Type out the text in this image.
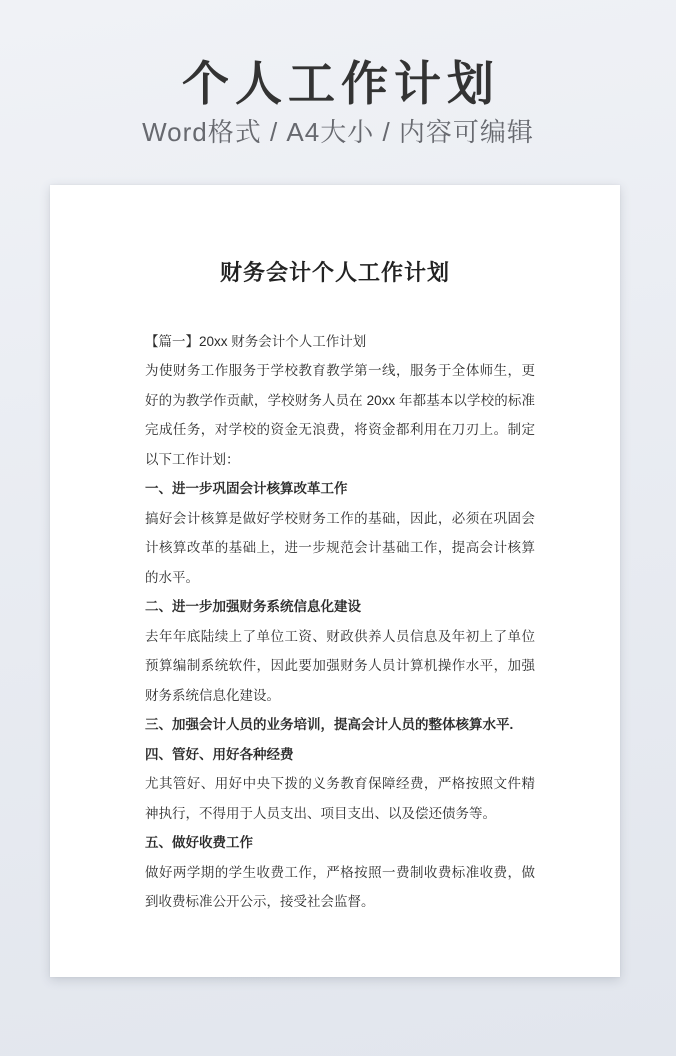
个人工作计划
Word格式 / A4大小 / 内容可编辑
财务会计个人工作计划

【篇一】20xx 财务会计个人工作计划

为使财务工作服务于学校教育教学第一线，服务于全体师生，更好的为教学作贡献，学校财务人员在 20xx 年都基本以学校的标准完成任务，对学校的资金无浪费，将资金都利用在刀刃上。制定以下工作计划：

一、进一步巩固会计核算改革工作

搞好会计核算是做好学校财务工作的基础，因此，必须在巩固会计核算改革的基础上，进一步规范会计基础工作，提高会计核算的水平。

二、进一步加强财务系统信息化建设

去年年底陆续上了单位工资、财政供养人员信息及年初上了单位预算编制系统软件，因此要加强财务人员计算机操作水平，加强财务系统信息化建设。

三、加强会计人员的业务培训，提高会计人员的整体核算水平.

四、管好、用好各种经费

尤其管好、用好中央下拨的义务教育保障经费，严格按照文件精神执行，不得用于人员支出、项目支出、以及偿还债务等。

五、做好收费工作

做好两学期的学生收费工作，严格按照一费制收费标准收费，做到收费标准公开公示，接受社会监督。
